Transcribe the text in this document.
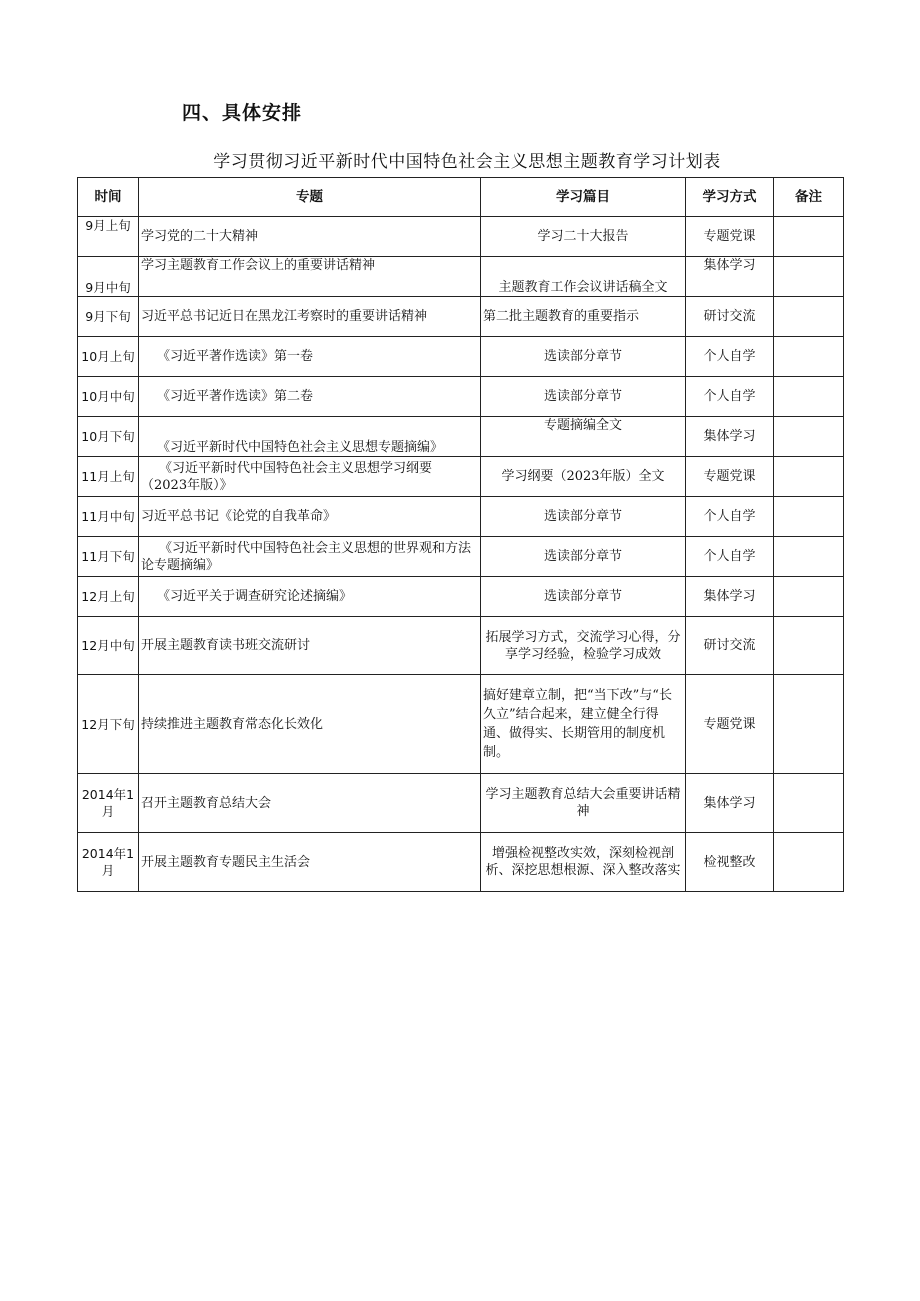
四、具体安排
学习贯彻习近平新时代中国特色社会主义思想主题教育学习计划表
时间	专题	学习篇目	学习方式	备注
9月上旬	学习党的二十大精神	学习二十大报告	专题党课	
9月中旬	学习主题教育工作会议上的重要讲话精神	主题教育工作会议讲话稿全文	集体学习	
9月下旬	习近平总书记近日在黑龙江考察时的重要讲话精神	第二批主题教育的重要指示	研讨交流	
10月上旬	《习近平著作选读》第一卷	选读部分章节	个人自学	
10月中旬	《习近平著作选读》第二卷	选读部分章节	个人自学	
10月下旬	《习近平新时代中国特色社会主义思想专题摘编》	专题摘编全文	集体学习	
11月上旬	《习近平新时代中国特色社会主义思想学习纲要（2023年版）》	学习纲要（2023年版）全文	专题党课	
11月中旬	习近平总书记《论党的自我革命》	选读部分章节	个人自学	
11月下旬	《习近平新时代中国特色社会主义思想的世界观和方法论专题摘编》	选读部分章节	个人自学	
12月上旬	《习近平关于调查研究论述摘编》	选读部分章节	集体学习	
12月中旬	开展主题教育读书班交流研讨	拓展学习方式，交流学习心得，分享学习经验，检验学习成效	研讨交流	
12月下旬	持续推进主题教育常态化长效化	搞好建章立制，把“当下改”与“长久立”结合起来，建立健全行得通、做得实、长期管用的制度机制。	专题党课	
2014年1月	召开主题教育总结大会	学习主题教育总结大会重要讲话精神	集体学习	
2014年1月	开展主题教育专题民主生活会	增强检视整改实效，深刻检视剖析、深挖思想根源、深入整改落实	检视整改	
